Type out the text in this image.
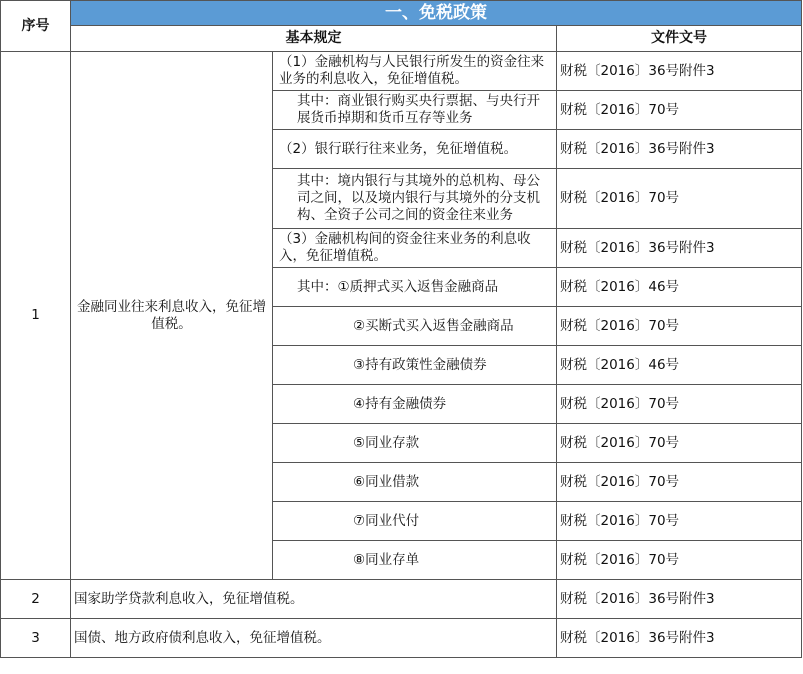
序号	一、免税政策		
	基本规定		文件文号
1	金融同业往来利息收入，免征增值税。	（1）金融机构与人民银行所发生的资金往来业务的利息收入，免征增值税。	财税〔2016〕36号附件3
		其中：商业银行购买央行票据、与央行开展货币掉期和货币互存等业务	财税〔2016〕70号
		（2）银行联行往来业务，免征增值税。	财税〔2016〕36号附件3
		其中：境内银行与其境外的总机构、母公司之间，以及境内银行与其境外的分支机构、全资子公司之间的资金往来业务	财税〔2016〕70号
		（3）金融机构间的资金往来业务的利息收入，免征增值税。	财税〔2016〕36号附件3
		其中：①质押式买入返售金融商品	财税〔2016〕46号
		②买断式买入返售金融商品	财税〔2016〕70号
		③持有政策性金融债券	财税〔2016〕46号
		④持有金融债券	财税〔2016〕70号
		⑤同业存款	财税〔2016〕70号
		⑥同业借款	财税〔2016〕70号
		⑦同业代付	财税〔2016〕70号
		⑧同业存单	财税〔2016〕70号
2	国家助学贷款利息收入，免征增值税。		财税〔2016〕36号附件3
3	国债、地方政府债利息收入，免征增值税。		财税〔2016〕36号附件3
